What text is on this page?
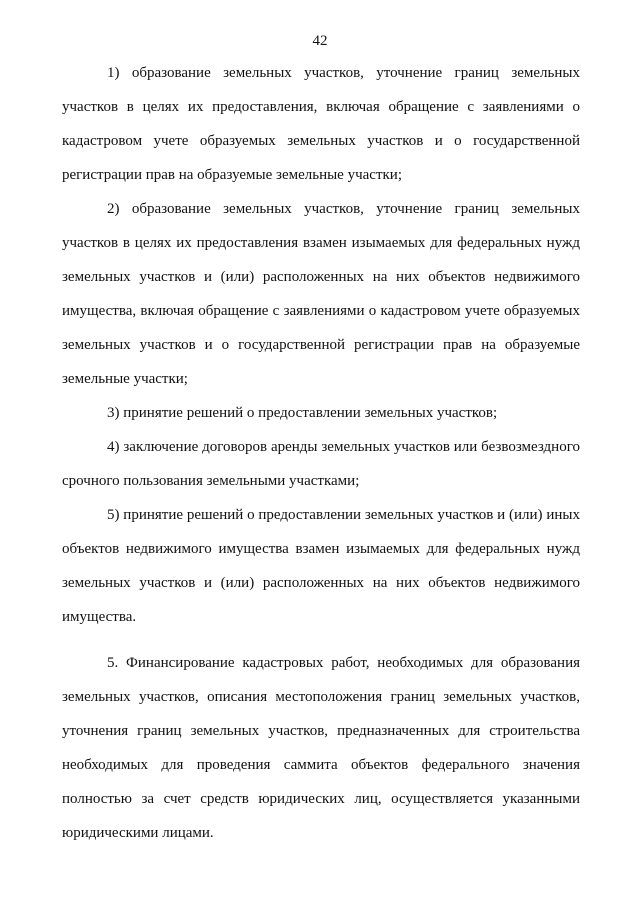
42

1) образование земельных участков, уточнение границ земельных участков в целях их предоставления, включая обращение с заявлениями о кадастровом учете образуемых земельных участков и о государственной регистрации прав на образуемые земельные участки;

2) образование земельных участков, уточнение границ земельных участков в целях их предоставления взамен изымаемых для федеральных нужд земельных участков и (или) расположенных на них объектов недвижимого имущества, включая обращение с заявлениями о кадастровом учете образуемых земельных участков и о государственной регистрации прав на образуемые земельные участки;

3) принятие решений о предоставлении земельных участков;

4) заключение договоров аренды земельных участков или безвозмездного срочного пользования земельными участками;

5) принятие решений о предоставлении земельных участков и (или) иных объектов недвижимого имущества взамен изымаемых для федеральных нужд земельных участков и (или) расположенных на них объектов недвижимого имущества.

5. Финансирование кадастровых работ, необходимых для образования земельных участков, описания местоположения границ земельных участков, уточнения границ земельных участков, предназначенных для строительства необходимых для проведения саммита объектов федерального значения полностью за счет средств юридических лиц, осуществляется указанными юридическими лицами.
